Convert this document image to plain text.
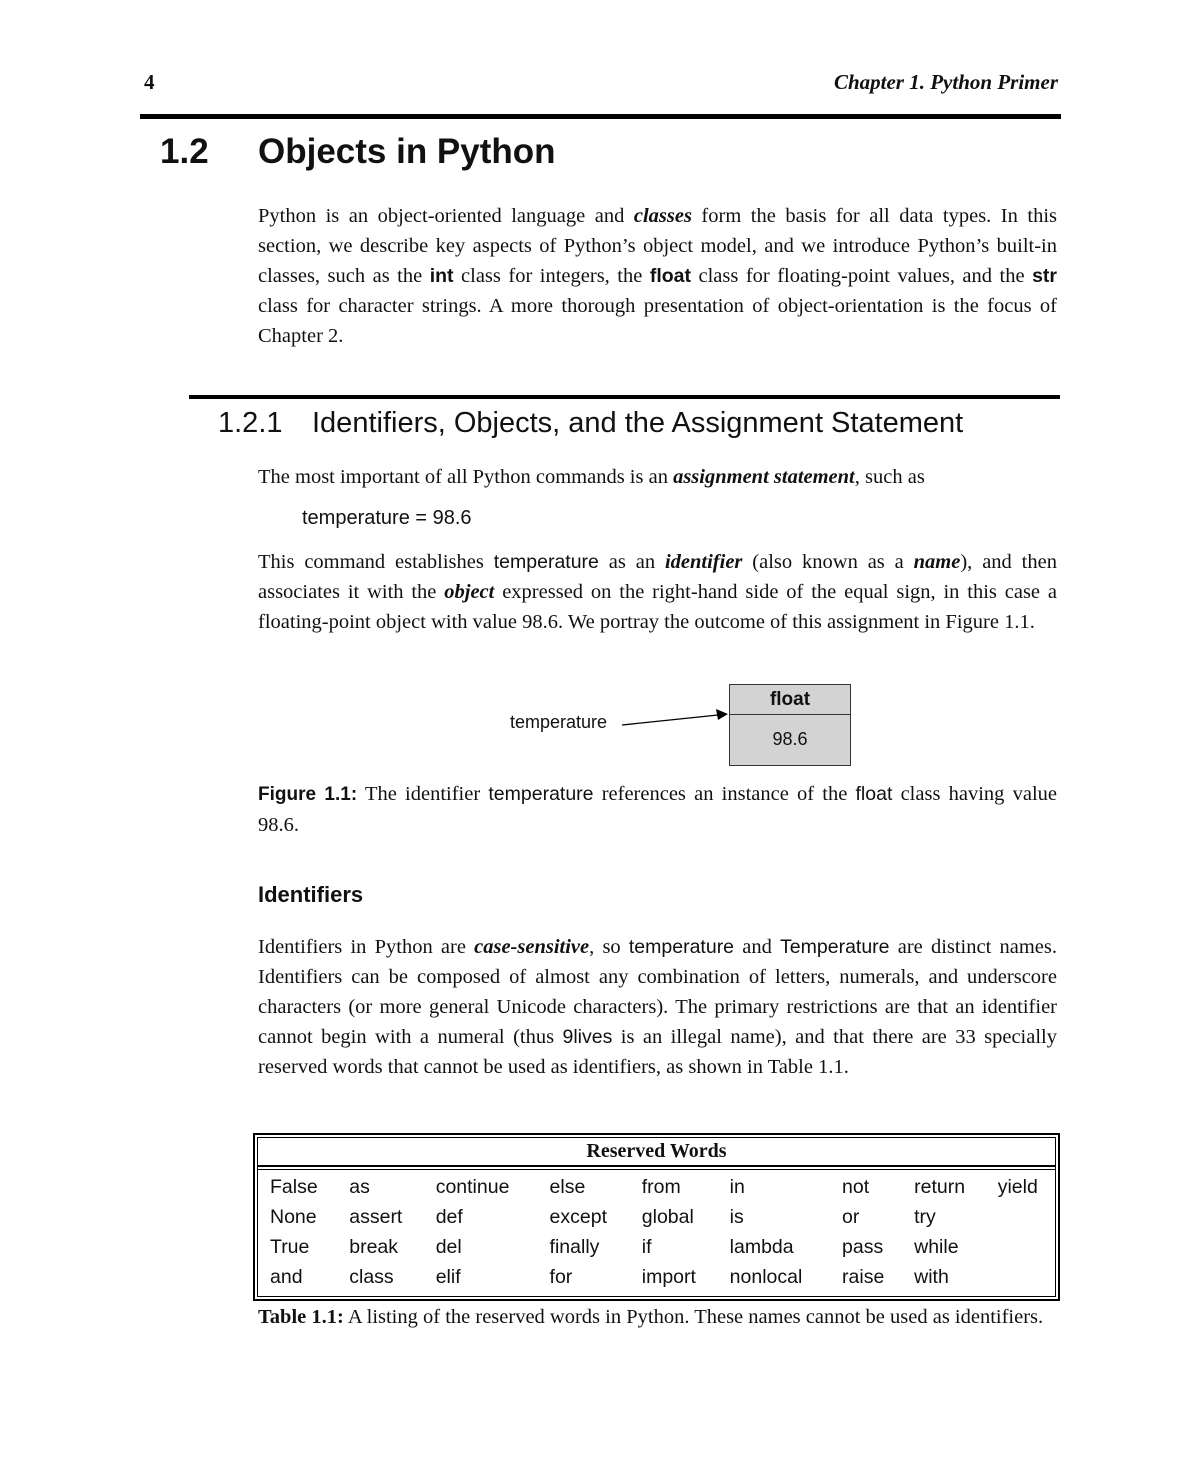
4	Chapter 1. Python Primer
1.2 Objects in Python

Python is an object-oriented language and classes form the basis for all data types. In this section, we describe key aspects of Python’s object model, and we introduce Python’s built-in classes, such as the int class for integers, the float class for floating-point values, and the str class for character strings. A more thorough presentation of object-orientation is the focus of Chapter 2.

1.2.1 Identifiers, Objects, and the Assignment Statement

The most important of all Python commands is an assignment statement, such as

temperature = 98.6

This command establishes temperature as an identifier (also known as a name), and then associates it with the object expressed on the right-hand side of the equal sign, in this case a floating-point object with value 98.6. We portray the outcome of this assignment in Figure 1.1.

temperature
float
98.6

Figure 1.1: The identifier temperature references an instance of the float class having value 98.6.

Identifiers

Identifiers in Python are case-sensitive, so temperature and Temperature are distinct names. Identifiers can be composed of almost any combination of letters, numerals, and underscore characters (or more general Unicode characters). The primary restrictions are that an identifier cannot begin with a numeral (thus 9lives is an illegal name), and that there are 33 specially reserved words that cannot be used as identifiers, as shown in Table 1.1.

Reserved Words
False	as	continue	else	from	in	not	return	yield
None	assert	def	except	global	is	or	try	
True	break	del	finally	if	lambda	pass	while	
and	class	elif	for	import	nonlocal	raise	with	

Table 1.1: A listing of the reserved words in Python. These names cannot be used as identifiers.
